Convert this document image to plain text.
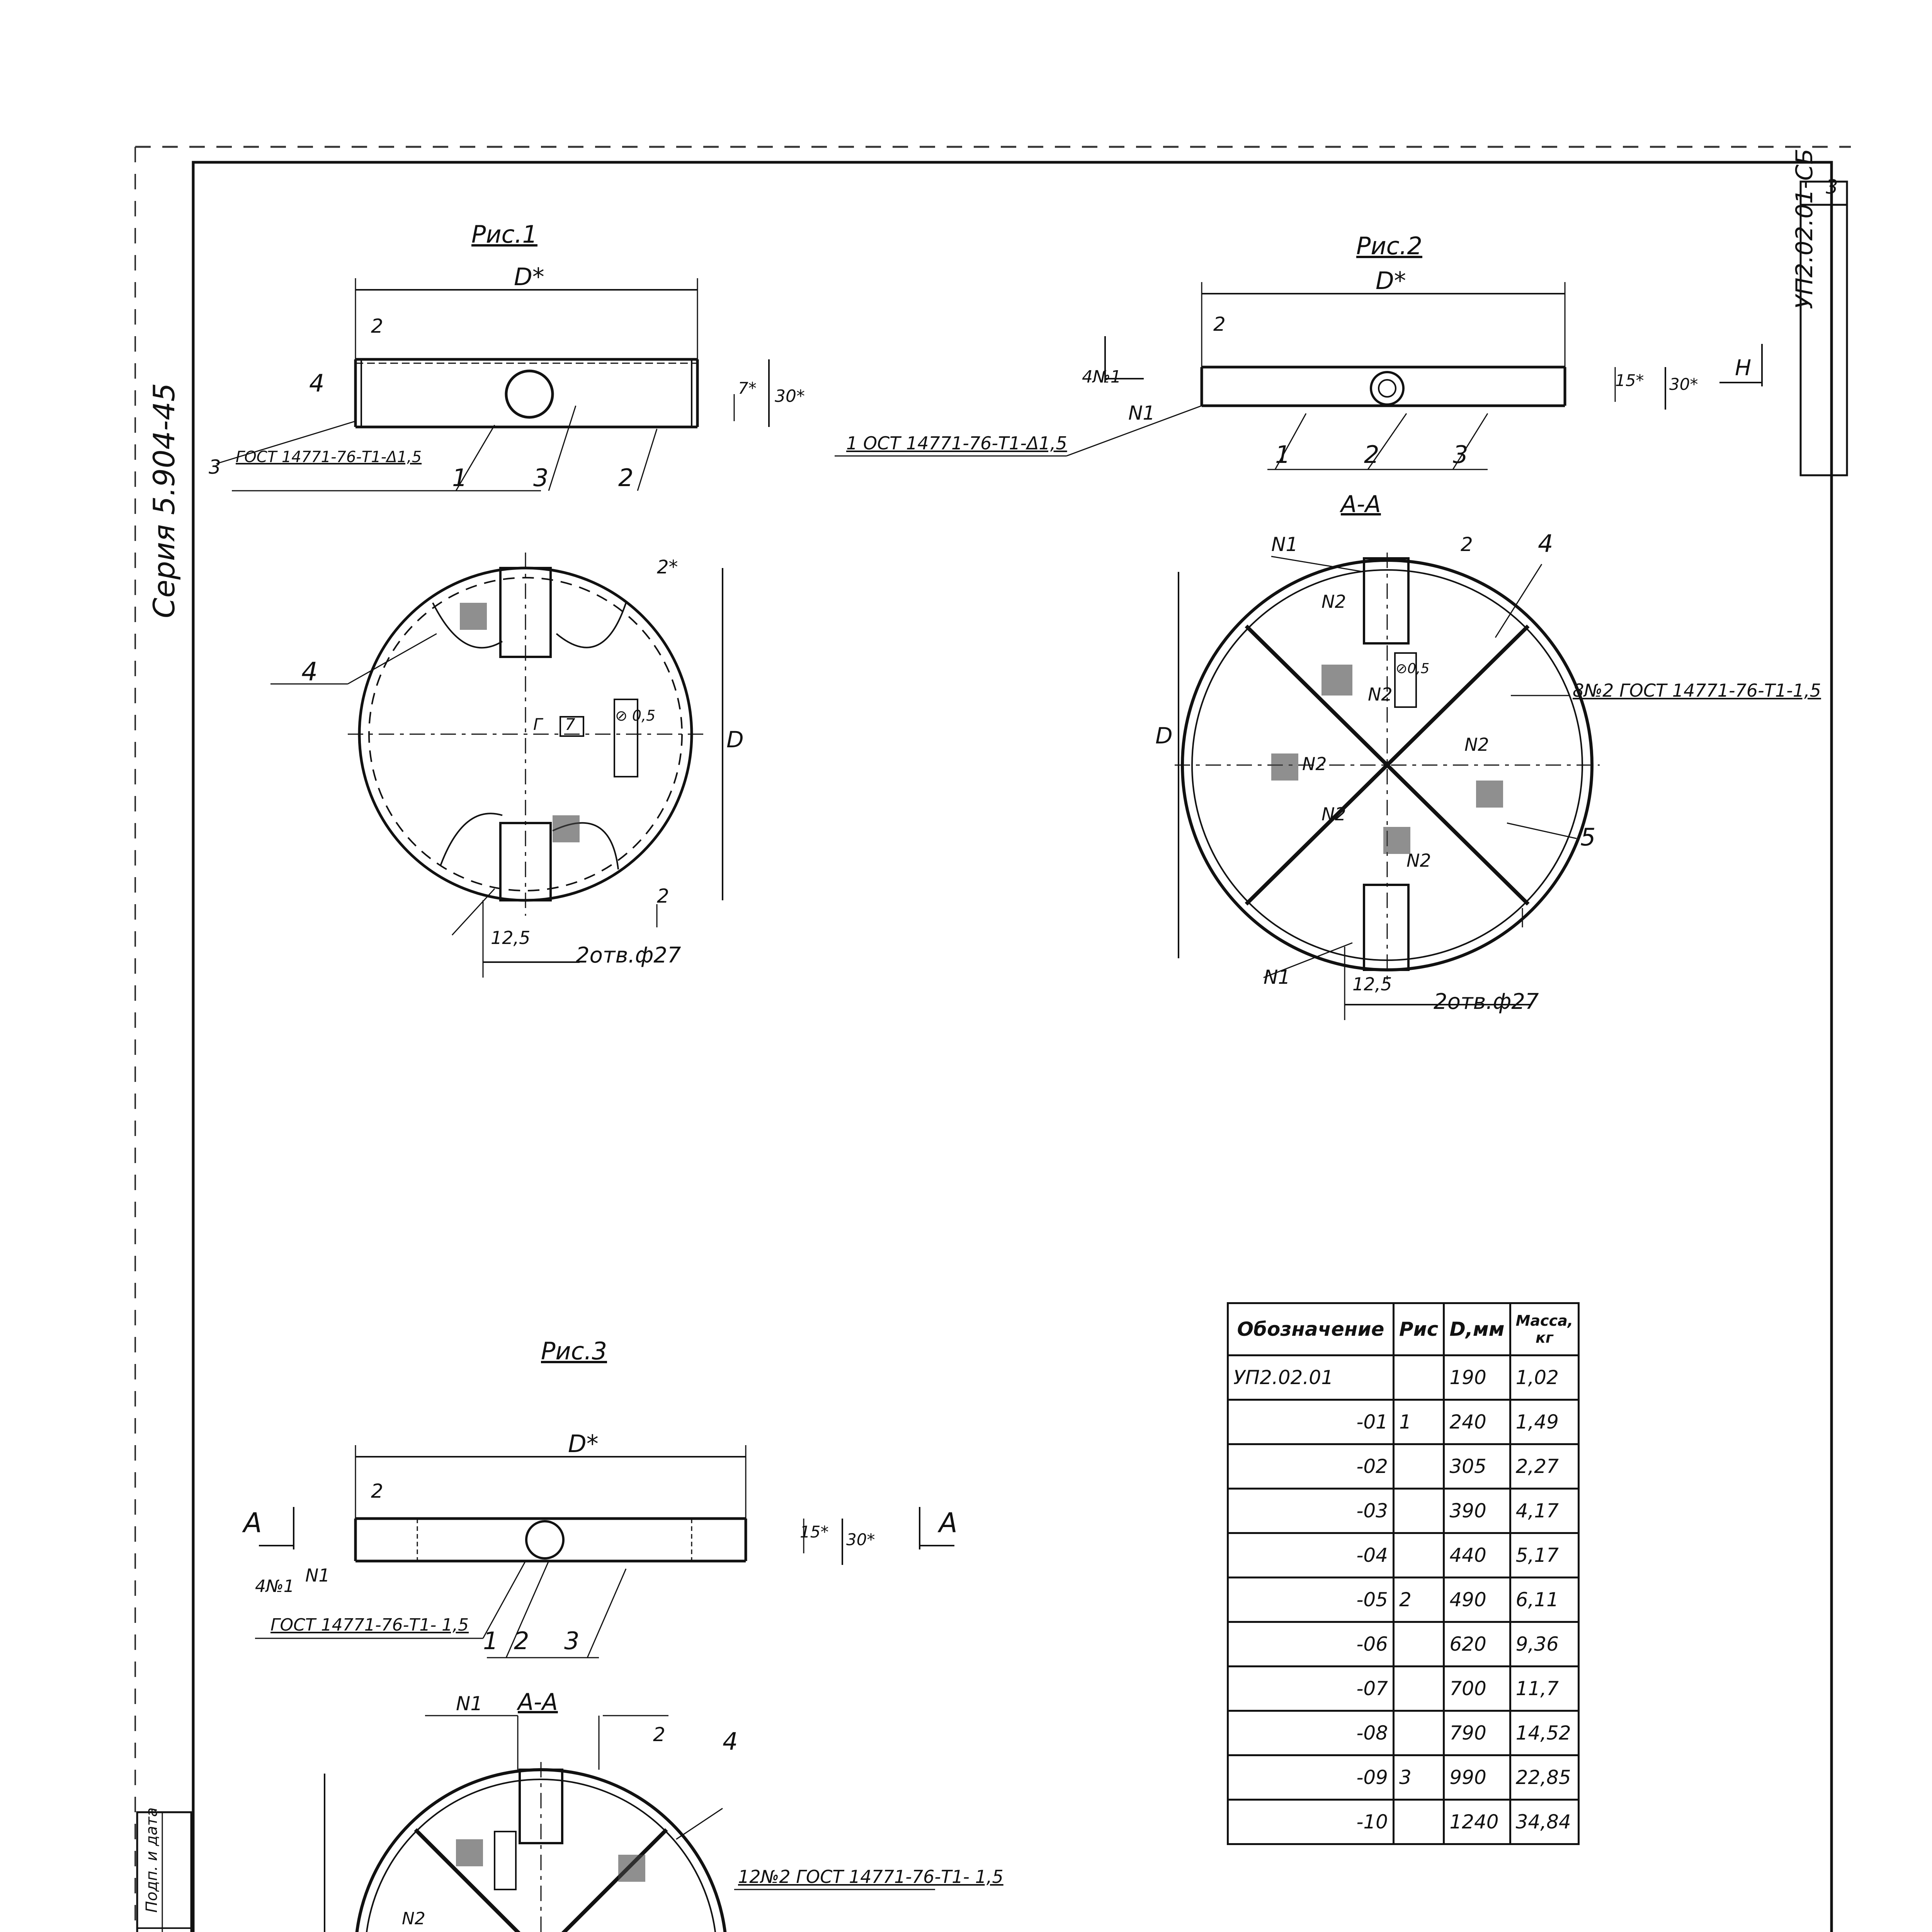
3
УП2.02.01-СБ
Серия 5.904-45
Рис.1
D*
2
7* 30*
4
3 ГОСТ 14771-76-Т1-Δ1,5
1	3	2
4
2*
D
2
12,5
2отв.ф27
⊘ 0,5
7
Г
Рис.2
D*
2
15* 30*
Н
4№1
N1
1 ОСТ 14771-76-Т1-Δ1,5	1	2	3
А-А
N1	4
N2
N2
N2
N2
N2
N2
N1
5
8№2 ГОСТ 14771-76-Т1-1,5
2
D
12,5
2отв.ф27
⊘0,5
Рис.3
D*
2
15* 30*
А	А
4№1
N1
ГОСТ 14771-76-Т1- 1,5
1 2 3
А-А
N1
4
N2
12№2 ГОСТ 14771-76-Т1- 1,5
2
Обозначение	Рис	D,мм	Масса, кг
УП2.02.01		190	1,02
-01	1	240	1,49
-02		305	2,27
-03		390	4,17
-04		440	5,17
-05	2	490	6,11
-06		620	9,36
-07		700	11,7
-08		790	14,52
-09	3	990	22,85
-10		1240	34,84
Подп. и дата
